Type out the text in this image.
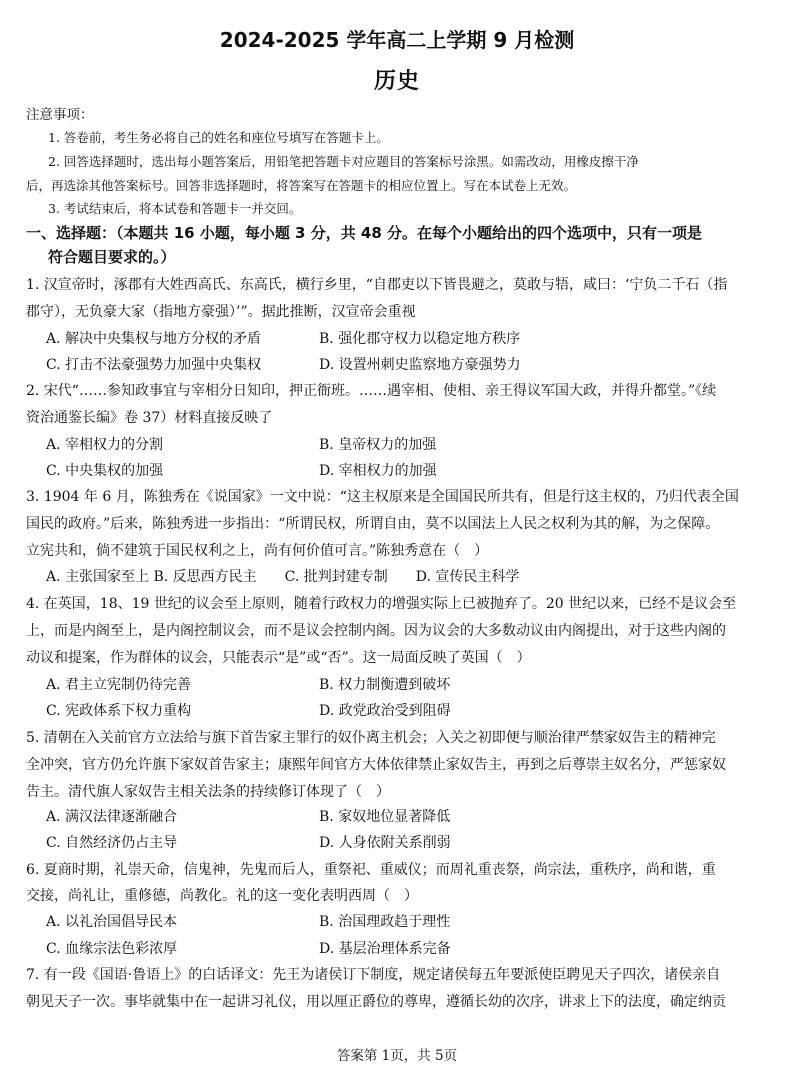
2024-2025 学年高二上学期 9 月检测
历史
注意事项：
1. 答卷前，考生务必将自己的姓名和座位号填写在答题卡上。
2. 回答选择题时，选出每小题答案后，用铅笔把答题卡对应题目的答案标号涂黑。如需改动，用橡皮擦干净
后，再选涂其他答案标号。回答非选择题时，将答案写在答题卡的相应位置上。写在本试卷上无效。
3. 考试结束后，将本试卷和答题卡一并交回。
一、选择题：（本题共 16 小题，每小题 3 分，共 48 分。在每个小题给出的四个选项中，只有一项是
符合题目要求的。）
1. 汉宣帝时，涿郡有大姓西高氏、东高氏，横行乡里，“自郡吏以下皆畏避之，莫敢与牾，咸曰：‘宁负二千石（指
郡守），无负豪大家（指地方豪强）’”。据此推断，汉宣帝会重视
A. 解决中央集权与地方分权的矛盾	B. 强化郡守权力以稳定地方秩序
C. 打击不法豪强势力加强中央集权	D. 设置州刺史监察地方豪强势力
2. 宋代“……参知政事宜与宰相分日知印，押正衙班。……遇宰相、使相、亲王得议军国大政，并得升都堂。”《续
资治通鉴长编》卷 37）材料直接反映了
A. 宰相权力的分割	B. 皇帝权力的加强
C. 中央集权的加强	D. 宰相权力的加强
3. 1904 年 6 月，陈独秀在《说国家》一文中说：“这主权原来是全国国民所共有，但是行这主权的，乃归代表全国
国民的政府。”后来，陈独秀进一步指出：“所谓民权，所谓自由，莫不以国法上人民之权利为其的解，为之保障。
立宪共和，倘不建筑于国民权利之上，尚有何价值可言。”陈独秀意在（　）
A. 主张国家至上 B. 反思西方民主　　C. 批判封建专制　　D. 宣传民主科学
4. 在英国，18、19 世纪的议会至上原则，随着行政权力的增强实际上已被抛弃了。20 世纪以来，已经不是议会至
上，而是内阁至上，是内阁控制议会，而不是议会控制内阁。因为议会的大多数动议由内阁提出，对于这些内阁的
动议和提案，作为群体的议会，只能表示“是”或“否”。这一局面反映了英国（　）
A. 君主立宪制仍待完善	B. 权力制衡遭到破坏
C. 宪政体系下权力重构	D. 政党政治受到阻碍
5. 清朝在入关前官方立法给与旗下首告家主罪行的奴仆离主机会；入关之初即便与顺治律严禁家奴告主的精神完
全冲突，官方仍允许旗下家奴首告家主；康熙年间官方大体依律禁止家奴告主，再到之后尊崇主奴名分，严惩家奴
告主。清代旗人家奴告主相关法条的持续修订体现了（　）
A. 满汉法律逐渐融合	B. 家奴地位显著降低
C. 自然经济仍占主导	D. 人身依附关系削弱
6. 夏商时期，礼崇天命，信鬼神，先鬼而后人，重祭祀、重威仪；而周礼重丧祭，尚宗法，重秩序，尚和谐，重
交接，尚礼让，重修德，尚教化。礼的这一变化表明西周（　）
A. 以礼治国倡导民本	B. 治国理政趋于理性
C. 血缘宗法色彩浓厚	D. 基层治理体系完备
7. 有一段《国语·鲁语上》的白话译文：先王为诸侯订下制度，规定诸侯每五年要派使臣聘见天子四次，诸侯亲自
朝见天子一次。事毕就集中在一起讲习礼仪，用以厘正爵位的尊卑，遵循长幼的次序，讲求上下的法度，确定纳贡
答案第 1页，共 5页
